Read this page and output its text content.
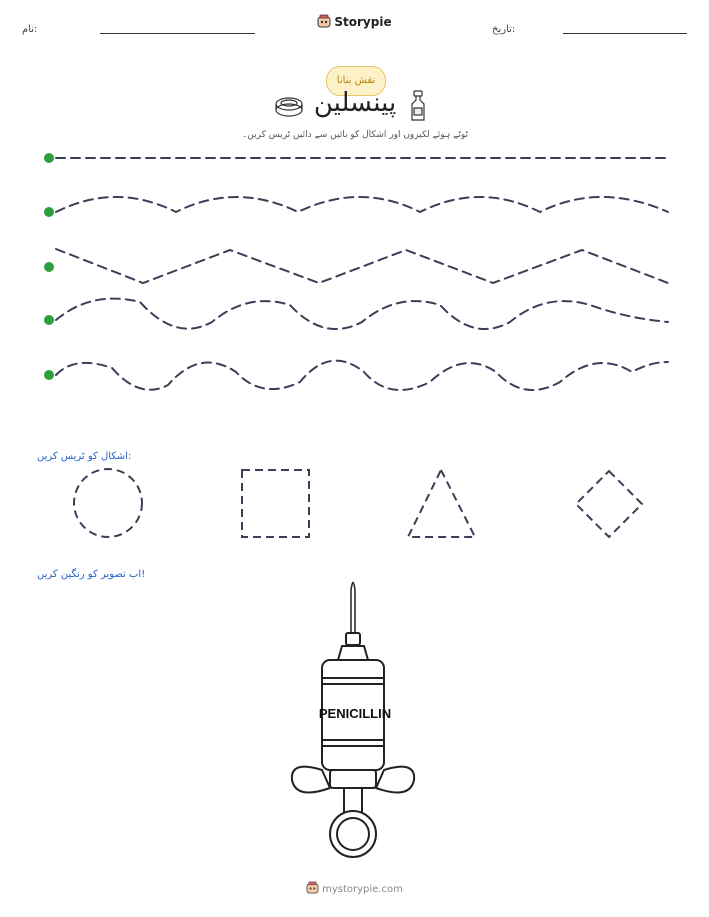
نام:
Storypie
تاریخ:
نقش بنانا
پینسلین
ٹوٹے ہوئے لکیروں اور اشکال کو بائیں سے دائیں ٹریس کریں۔
اشکال کو ٹریس کریں:
اب تصویر کو رنگین کریں!
PENICILLIN
mystorypie.com
